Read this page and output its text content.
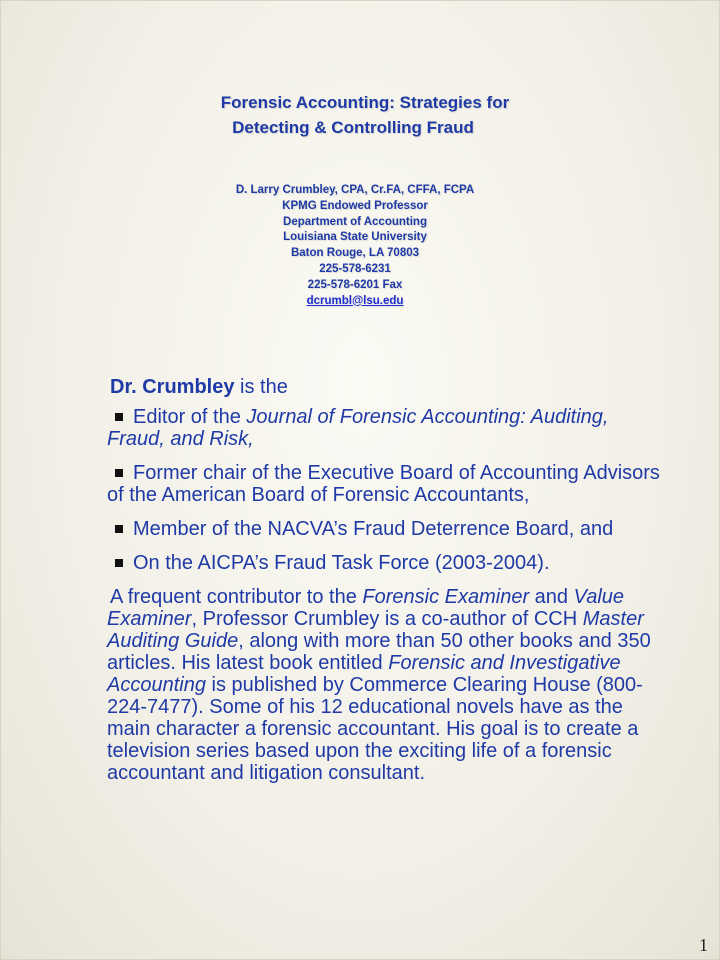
Forensic Accounting: Strategies for
Detecting & Controlling Fraud
D. Larry Crumbley, CPA, Cr.FA, CFFA, FCPA
KPMG Endowed Professor
Department of Accounting
Louisiana State University
Baton Rouge, LA 70803
225-578-6231
225-578-6201 Fax
dcrumbl@lsu.edu
Dr. Crumbley is the
Editor of the Journal of Forensic Accounting: Auditing, Fraud, and Risk,
Former chair of the Executive Board of Accounting Advisors of the American Board of Forensic Accountants,
Member of the NACVA’s Fraud Deterrence Board, and
On the AICPA’s Fraud Task Force (2003-2004).
A frequent contributor to the Forensic Examiner and Value Examiner, Professor Crumbley is a co-author of CCH Master Auditing Guide, along with more than 50 other books and 350 articles. His latest book entitled Forensic and Investigative Accounting is published by Commerce Clearing House (800-224-7477). Some of his 12 educational novels have as the main character a forensic accountant. His goal is to create a television series based upon the exciting life of a forensic accountant and litigation consultant.
1
